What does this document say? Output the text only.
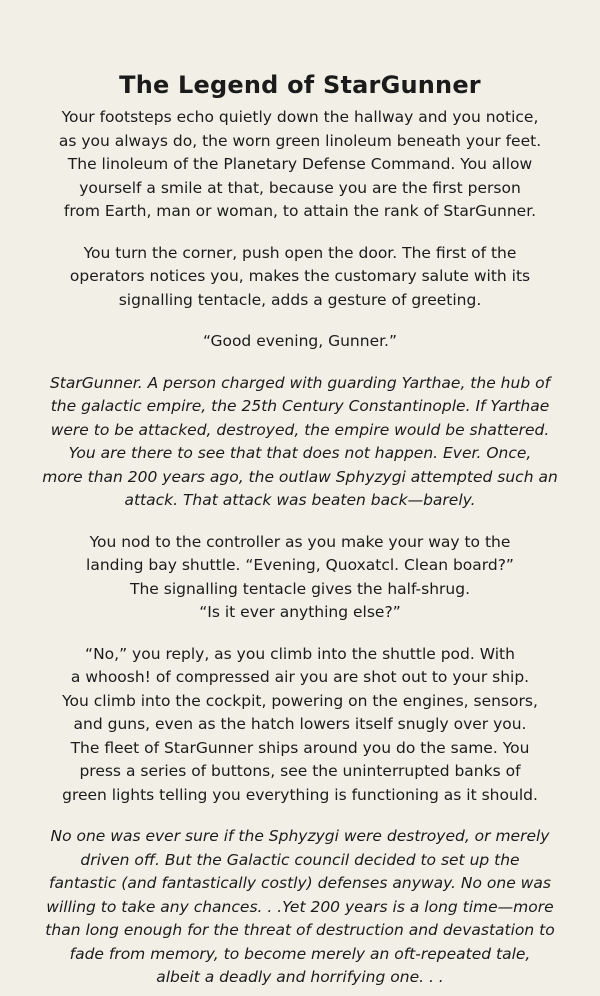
The Legend of StarGunner
Your footsteps echo quietly down the hallway and you notice,
as you always do, the worn green linoleum beneath your feet.
The linoleum of the Planetary Defense Command. You allow
yourself a smile at that, because you are the first person
from Earth, man or woman, to attain the rank of StarGunner.
You turn the corner, push open the door. The first of the
operators notices you, makes the customary salute with its
signalling tentacle, adds a gesture of greeting.
“Good evening, Gunner.”
StarGunner. A person charged with guarding Yarthae, the hub of
the galactic empire, the 25th Century Constantinople. If Yarthae
were to be attacked, destroyed, the empire would be shattered.
You are there to see that that does not happen. Ever. Once,
more than 200 years ago, the outlaw Sphyzygi attempted such an
attack. That attack was beaten back—barely.
You nod to the controller as you make your way to the
landing bay shuttle. “Evening, Quoxatcl. Clean board?”
The signalling tentacle gives the half-shrug.
“Is it ever anything else?”
“No,” you reply, as you climb into the shuttle pod. With
a whoosh! of compressed air you are shot out to your ship.
You climb into the cockpit, powering on the engines, sensors,
and guns, even as the hatch lowers itself snugly over you.
The fleet of StarGunner ships around you do the same. You
press a series of buttons, see the uninterrupted banks of
green lights telling you everything is functioning as it should.
No one was ever sure if the Sphyzygi were destroyed, or merely
driven off. But the Galactic council decided to set up the
fantastic (and fantastically costly) defenses anyway. No one was
willing to take any chances. . .Yet 200 years is a long time—more
than long enough for the threat of destruction and devastation to
fade from memory, to become merely an oft-repeated tale,
albeit a deadly and horrifying one. . .
